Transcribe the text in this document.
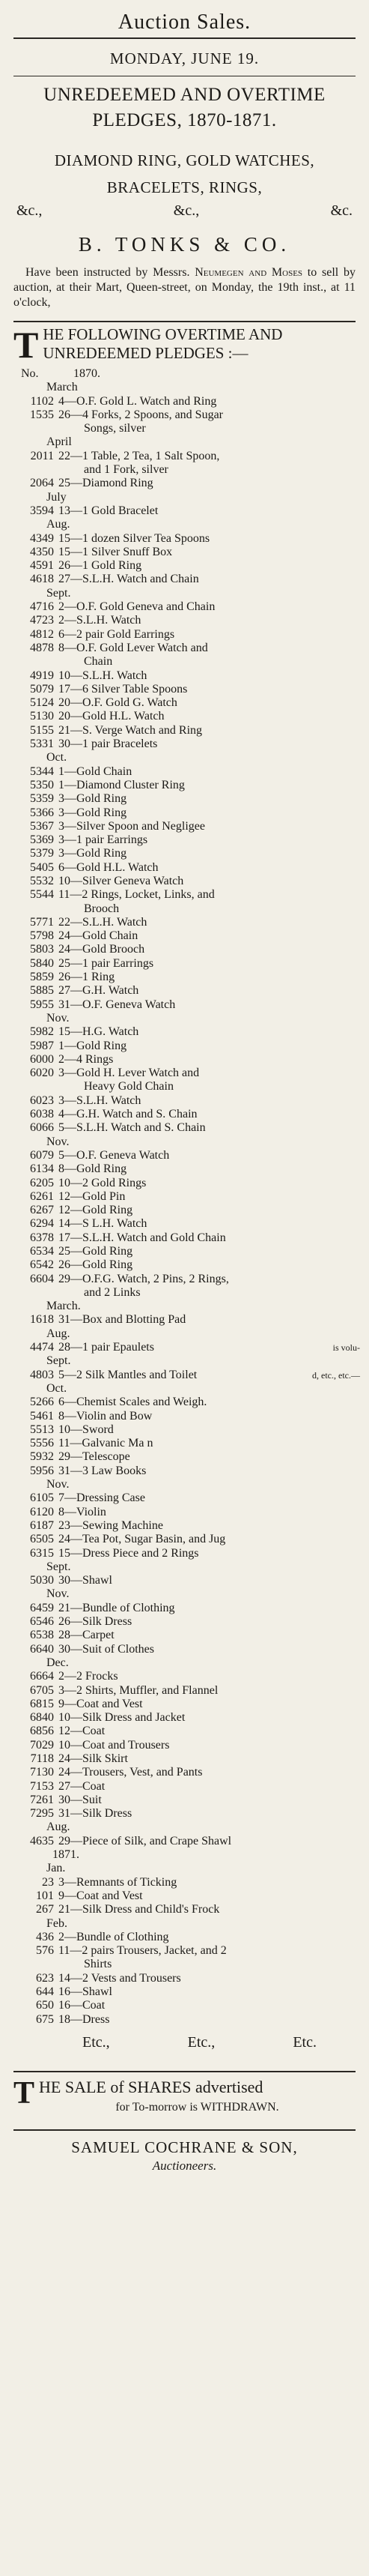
Auction Sales.
MONDAY, JUNE 19.
UNREDEEMED AND OVERTIME PLEDGES, 1870-1871.
DIAMOND RING, GOLD WATCHES, BRACELETS, RINGS,
&c.,	&c.,	&c.
B. TONKS & CO.

Have been instructed by Messrs. Neumegen and Moses to sell by auction, at their Mart, Queen-street, on Monday, the 19th inst., at 11 o'clock,

THE FOLLOWING OVERTIME AND UNREDEEMED PLEDGES :—
No.	1870.
March
1102 4—O.F. Gold L. Watch and Ring
1535 26—4 Forks, 2 Spoons, and Sugar
Songs, silver
April
2011 22—1 Table, 2 Tea, 1 Salt Spoon,
and 1 Fork, silver
2064 25—Diamond Ring
July
3594 13—1 Gold Bracelet
Aug.
4349 15—1 dozen Silver Tea Spoons
4350 15—1 Silver Snuff Box
4591 26—1 Gold Ring
4618 27—S.L.H. Watch and Chain
Sept.
4716 2—O.F. Gold Geneva and Chain
4723 2—S.L.H. Watch
4812 6—2 pair Gold Earrings
4878 8—O.F. Gold Lever Watch and
Chain
4919 10—S.L.H. Watch
5079 17—6 Silver Table Spoons
5124 20—O.F. Gold G. Watch
5130 20—Gold H.L. Watch
5155 21—S. Verge Watch and Ring
5331 30—1 pair Bracelets
Oct.
5344 1—Gold Chain
5350 1—Diamond Cluster Ring
5359 3—Gold Ring
5366 3—Gold Ring
5367 3—Silver Spoon and Negligee
5369 3—1 pair Earrings
5379 3—Gold Ring
5405 6—Gold H.L. Watch
5532 10—Silver Geneva Watch
5544 11—2 Rings, Locket, Links, and
Brooch
5771 22—S.L.H. Watch
5798 24—Gold Chain
5803 24—Gold Brooch
5840 25—1 pair Earrings
5859 26—1 Ring
5885 27—G.H. Watch
5955 31—O.F. Geneva Watch
Nov.
5982 15—H.G. Watch
5987 1—Gold Ring
6000 2—4 Rings
6020 3—Gold H. Lever Watch and
Heavy Gold Chain
6023 3—S.L.H. Watch
6038 4—G.H. Watch and S. Chain
6066 5—S.L.H. Watch and S. Chain
Nov.
6079 5—O.F. Geneva Watch
6134 8—Gold Ring
6205 10—2 Gold Rings
6261 12—Gold Pin
6267 12—Gold Ring
6294 14—S L.H. Watch
6378 17—S.L.H. Watch and Gold Chain
6534 25—Gold Ring
6542 26—Gold Ring
6604 29—O.F.G. Watch, 2 Pins, 2 Rings,
and 2 Links
March.
1618 31—Box and Blotting Pad
Aug.
4474 28—1 pair Epaulets	is volu-
Sept.
4803 5—2 Silk Mantles and Toilet	d, etc., etc.—
Oct.
5266 6—Chemist Scales and Weigh.
5461 8—Violin and Bow
5513 10—Sword
5556 11—Galvanic Ma n
5932 29—Telescope
5956 31—3 Law Books
Nov.
6105 7—Dressing Case
6120 8—Violin
6187 23—Sewing Machine
6505 24—Tea Pot, Sugar Basin, and Jug
6315 15—Dress Piece and 2 Rings
Sept.
5030 30—Shawl
Nov.
6459 21—Bundle of Clothing
6546 26—Silk Dress
6538 28—Carpet
6640 30—Suit of Clothes
Dec.
6664 2—2 Frocks
6705 3—2 Shirts, Muffler, and Flannel
6815 9—Coat and Vest
6840 10—Silk Dress and Jacket
6856 12—Coat
7029 10—Coat and Trousers
7118 24—Silk Skirt
7130 24—Trousers, Vest, and Pants
7153 27—Coat
7261 30—Suit
7295 31—Silk Dress
Aug.
4635 29—Piece of Silk, and Crape Shawl
1871.
Jan.
23 3—Remnants of Ticking
101 9—Coat and Vest
267 21—Silk Dress and Child's Frock
Feb.
436 2—Bundle of Clothing
576 11—2 pairs Trousers, Jacket, and 2
Shirts
623 14—2 Vests and Trousers
644 16—Shawl
650 16—Coat
675 18—Dress
Etc.,	Etc.,	Etc.
THE SALE of SHARES advertised
for To-morrow is WITHDRAWN.
SAMUEL COCHRANE & SON,
Auctioneers.
